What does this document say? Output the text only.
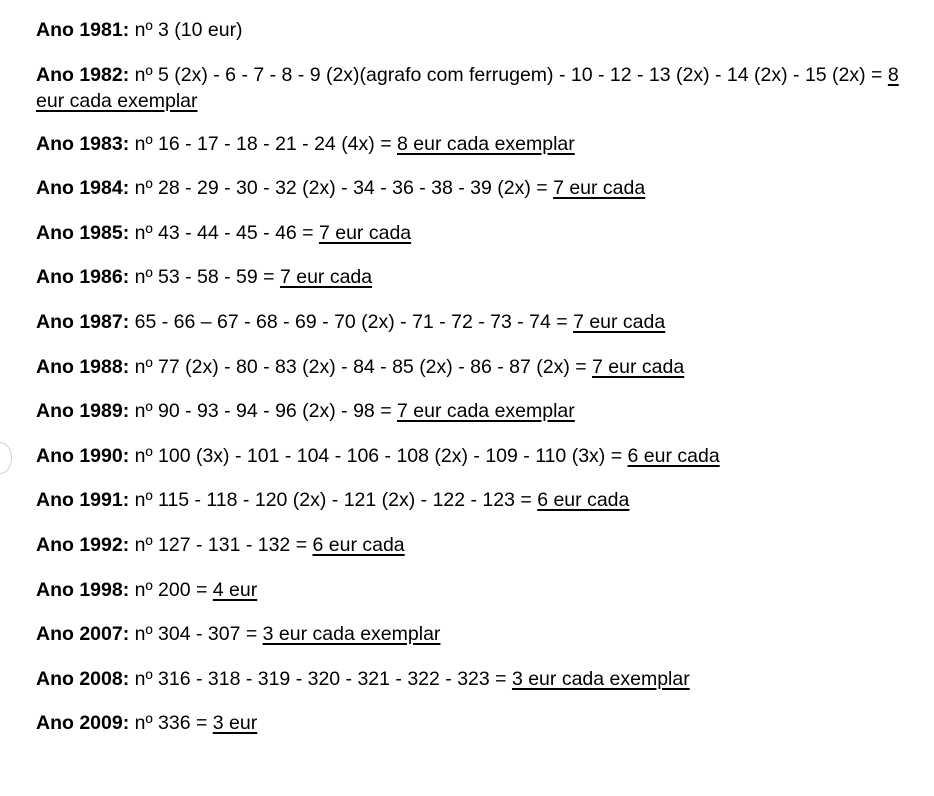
Ano 1981: nº 3 (10 eur)
Ano 1982: nº 5 (2x) - 6 - 7 - 8 - 9 (2x)(agrafo com ferrugem) - 10 - 12 - 13 (2x) - 14 (2x) - 15 (2x) = 8 eur cada exemplar
Ano 1983: nº 16 - 17 - 18 - 21 - 24 (4x) = 8 eur cada exemplar
Ano 1984: nº 28 - 29 - 30 - 32 (2x) - 34 - 36 - 38 - 39 (2x) = 7 eur cada
Ano 1985: nº 43 - 44 - 45 - 46 = 7 eur cada
Ano 1986: nº 53 - 58 - 59 = 7 eur cada
Ano 1987: 65 - 66 – 67 - 68 - 69 - 70 (2x) - 71 - 72 - 73 - 74 = 7 eur cada
Ano 1988: nº 77 (2x) - 80 - 83 (2x) - 84 - 85 (2x) - 86 - 87 (2x) = 7 eur cada
Ano 1989: nº 90 - 93 - 94 - 96 (2x) - 98 = 7 eur cada exemplar
Ano 1990: nº 100 (3x) - 101 - 104 - 106 - 108 (2x) - 109 - 110 (3x) = 6 eur cada
Ano 1991: nº 115 - 118 - 120 (2x) - 121 (2x) - 122 - 123 = 6 eur cada
Ano 1992: nº 127 - 131 - 132 = 6 eur cada
Ano 1998: nº 200 = 4 eur
Ano 2007: nº 304 - 307 = 3 eur cada exemplar
Ano 2008: nº 316 - 318 - 319 - 320 - 321 - 322 - 323 = 3 eur cada exemplar
Ano 2009: nº 336 = 3 eur
